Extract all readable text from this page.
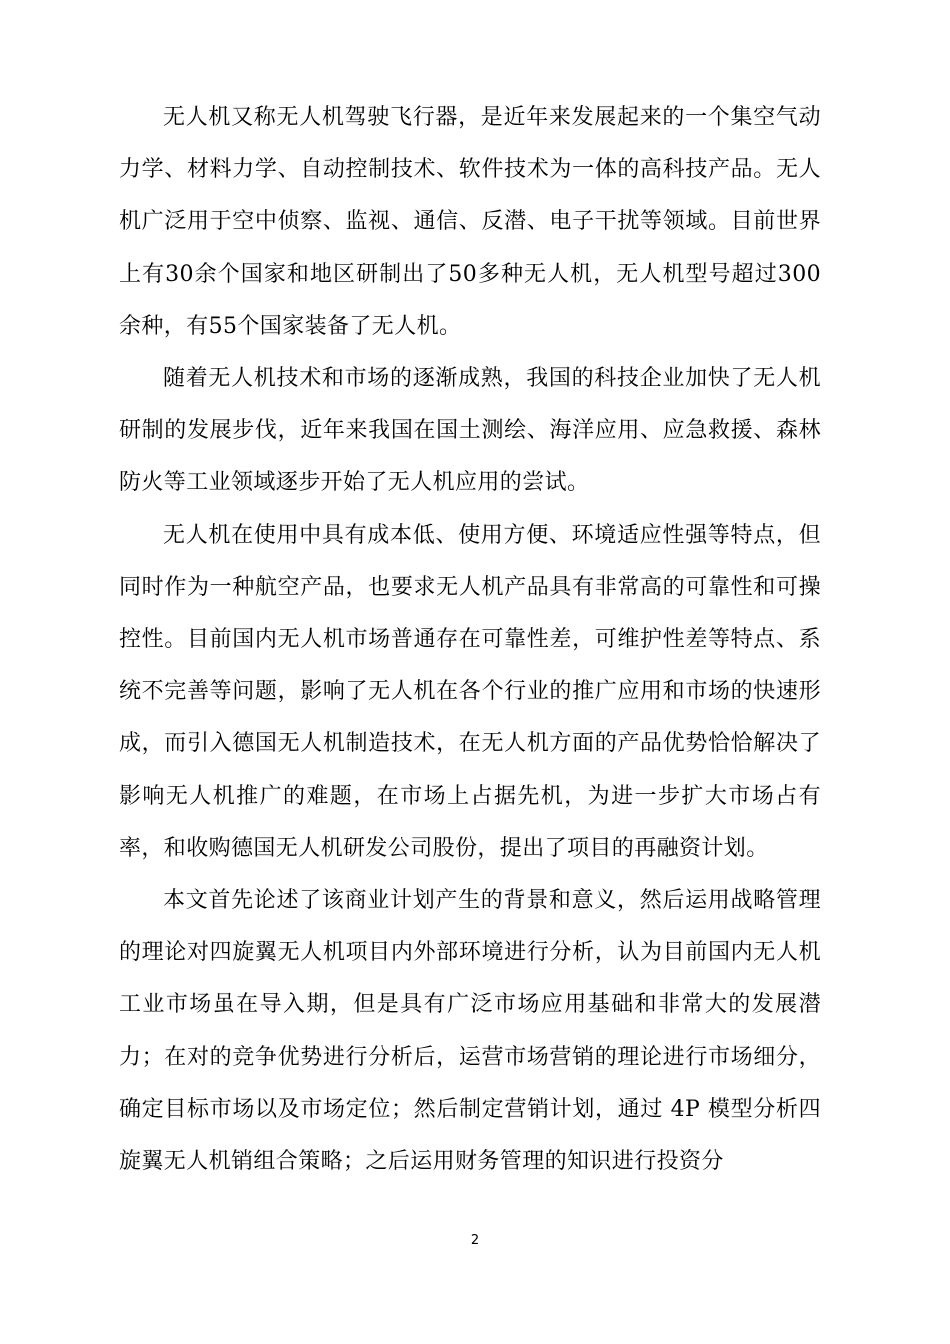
无人机又称无人机驾驶飞行器，是近年来发展起来的一个集空气动力学、材料力学、自动控制技术、软件技术为一体的高科技产品。无人机广泛用于空中侦察、监视、通信、反潜、电子干扰等领域。目前世界上有30余个国家和地区研制出了50多种无人机，无人机型号超过300余种，有55个国家装备了无人机。

随着无人机技术和市场的逐渐成熟，我国的科技企业加快了无人机研制的发展步伐，近年来我国在国土测绘、海洋应用、应急救援、森林防火等工业领域逐步开始了无人机应用的尝试。

无人机在使用中具有成本低、使用方便、环境适应性强等特点，但同时作为一种航空产品，也要求无人机产品具有非常高的可靠性和可操控性。目前国内无人机市场普通存在可靠性差，可维护性差等特点、系统不完善等问题，影响了无人机在各个行业的推广应用和市场的快速形成，而引入德国无人机制造技术，在无人机方面的产品优势恰恰解决了影响无人机推广的难题，在市场上占据先机，为进一步扩大市场占有率，和收购德国无人机研发公司股份，提出了项目的再融资计划。

本文首先论述了该商业计划产生的背景和意义，然后运用战略管理的理论对四旋翼无人机项目内外部环境进行分析，认为目前国内无人机工业市场虽在导入期，但是具有广泛市场应用基础和非常大的发展潜力；在对的竞争优势进行分析后，运营市场营销的理论进行市场细分，确定目标市场以及市场定位；然后制定营销计划，通过 4P 模型分析四旋翼无人机销组合策略；之后运用财务管理的知识进行投资分

2
